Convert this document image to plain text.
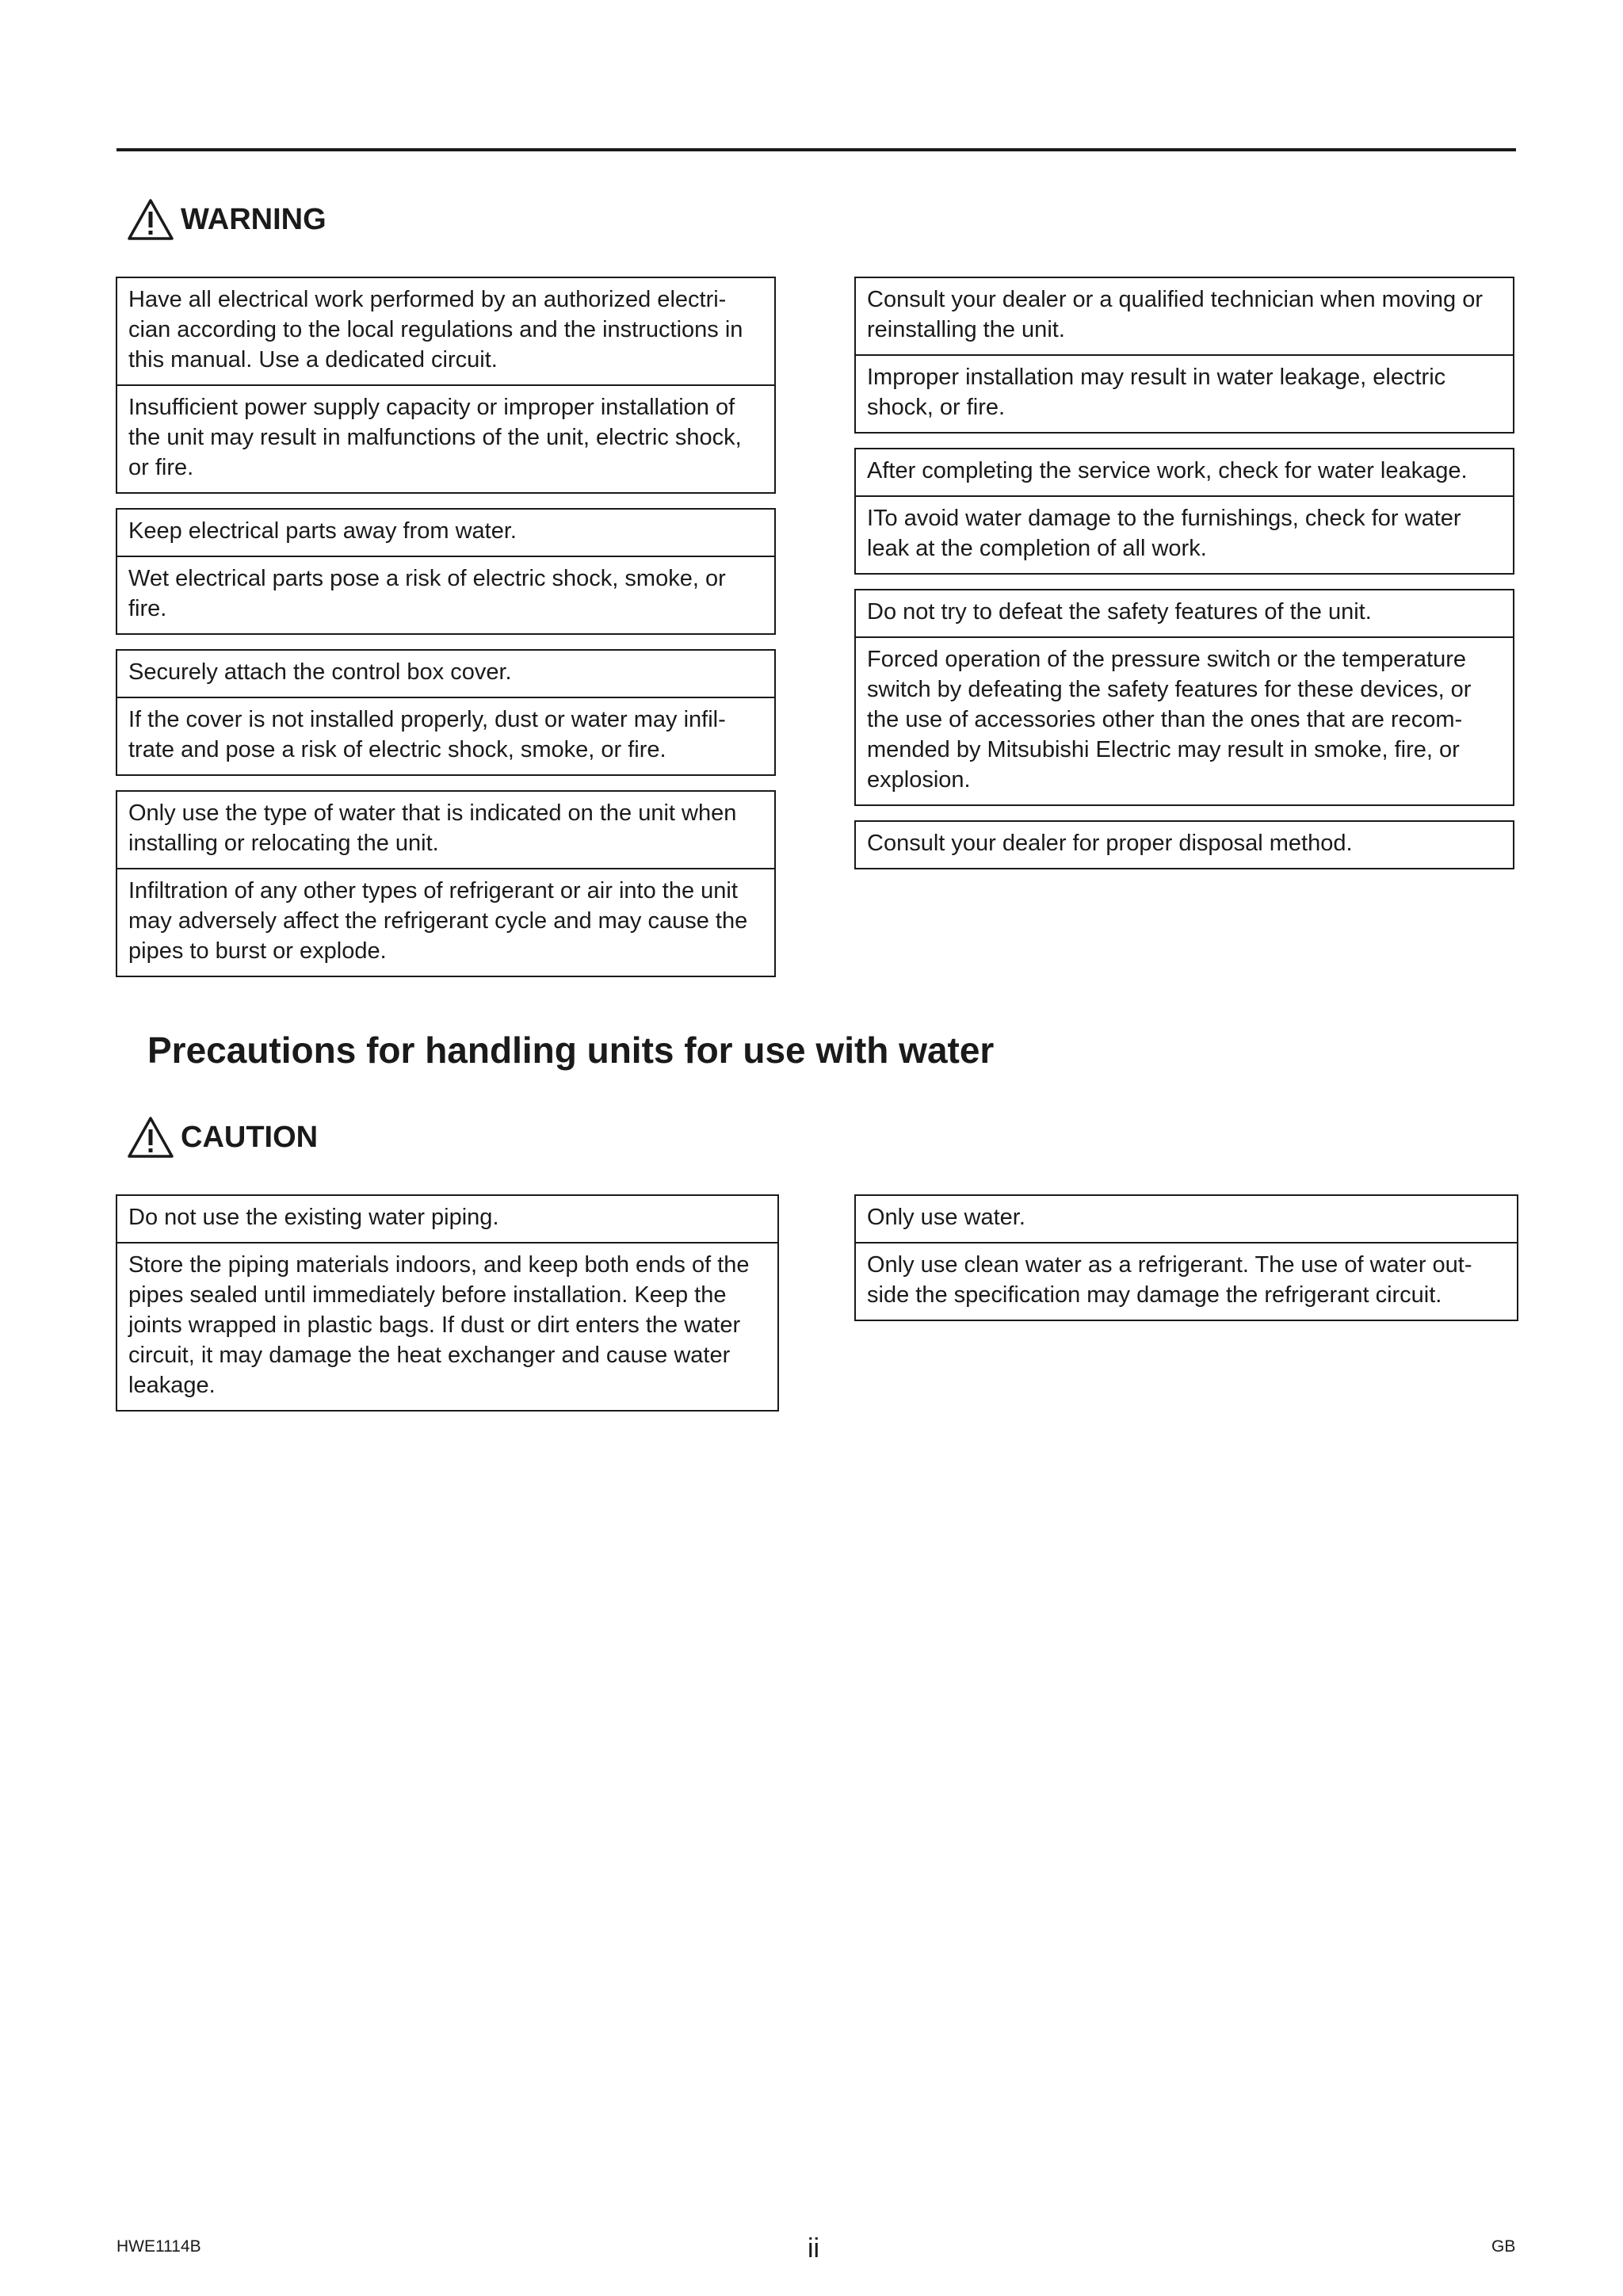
WARNING
Have all electrical work performed by an authorized electri-cian according to the local regulations and the instructions in this manual. Use a dedicated circuit.
Insufficient power supply capacity or improper installation of the unit may result in malfunctions of the unit, electric shock, or fire.
Keep electrical parts away from water.
Wet electrical parts pose a risk of electric shock, smoke, or fire.
Securely attach the control box cover.
If the cover is not installed properly, dust or water may infil-trate and pose a risk of electric shock, smoke, or fire.
Only use the type of water that is indicated on the unit when installing or relocating the unit.
Infiltration of any other types of refrigerant or air into the unit may adversely affect the refrigerant cycle and may cause the pipes to burst or explode.
Consult your dealer or a qualified technician when moving or reinstalling the unit.
Improper installation may result in water leakage, electric shock, or fire.
After completing the service work, check for water leakage.
ITo avoid water damage to the furnishings, check for water leak at the completion of all work.
Do not try to defeat the safety features of the unit.
Forced operation of the pressure switch or the temperature switch by defeating the safety features for these devices, or the use of accessories other than the ones that are recom-mended by Mitsubishi Electric may result in smoke, fire, or explosion.
Consult your dealer for proper disposal method.
Precautions for handling units for use with water
CAUTION
Do not use the existing water piping.
Store the piping materials indoors, and keep both ends of the pipes sealed until immediately before installation. Keep the joints wrapped in plastic bags. If dust or dirt enters the water circuit, it may damage the heat exchanger and cause water leakage.
Only use water.
Only use clean water as a refrigerant. The use of water out-side the specification may damage the refrigerant circuit.
HWE1114B	ii	GB
